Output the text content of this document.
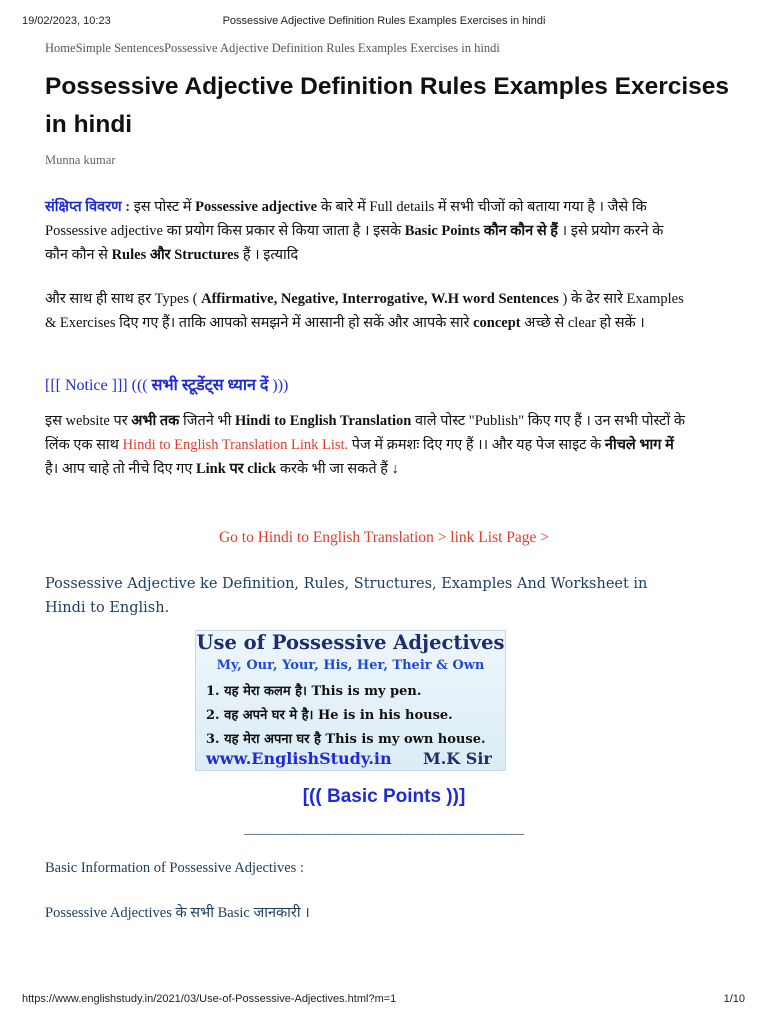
19/02/2023, 10:23	Possessive Adjective Definition Rules Examples Exercises in hindi
HomeSimple SentencesPossessive Adjective Definition Rules Examples Exercises in hindi
Possessive Adjective Definition Rules Examples Exercises in hindi
Munna kumar
संक्षिप्त विवरण : इस पोस्ट में Possessive adjective के बारे में Full details में सभी चीजों को बताया गया है । जैसे कि Possessive adjective का प्रयोग किस प्रकार से किया जाता है । इसके Basic Points कौन कौन से हैं । इसे प्रयोग करने के कौन कौन से Rules और Structures हैं । इत्यादि
और साथ ही साथ हर Types ( Affirmative, Negative, Interrogative, W.H word Sentences ) के ढेर सारे Examples & Exercises दिए गए हैं। ताकि आपको समझने में आसानी हो सकें और आपके सारे concept अच्छे से clear हो सकें ।
[[[ Notice ]]] ((( सभी स्टूडेंट्स ध्यान दें )))
इस website पर अभी तक जितने भी Hindi to English Translation वाले पोस्ट "Publish" किए गए हैं । उन सभी पोस्टों के लिंक एक साथ Hindi to English Translation Link List. पेज में क्रमशः दिए गए हैं ।। और यह पेज साइट के नीचले भाग में है। आप चाहे तो नीचे दिए गए Link पर click करके भी जा सकते हैं ↓
Go to Hindi to English Translation > link List Page >
Possessive Adjective ke Definition, Rules, Structures, Examples And Worksheet in Hindi to English.
Use of Possessive Adjectives
My, Our, Your, His, Her, Their & Own
1. यह मेरा कलम है। This is my pen.
2. वह अपने घर मे है। He is in his house.
3. यह मेरा अपना घर है This is my own house.
www.EnglishStudy.in M.K Sir
[(( Basic Points ))]
___________________________________________
Basic Information of Possessive Adjectives :
Possessive Adjectives के सभी Basic जानकारी ।
https://www.englishstudy.in/2021/03/Use-of-Possessive-Adjectives.html?m=1	1/10
